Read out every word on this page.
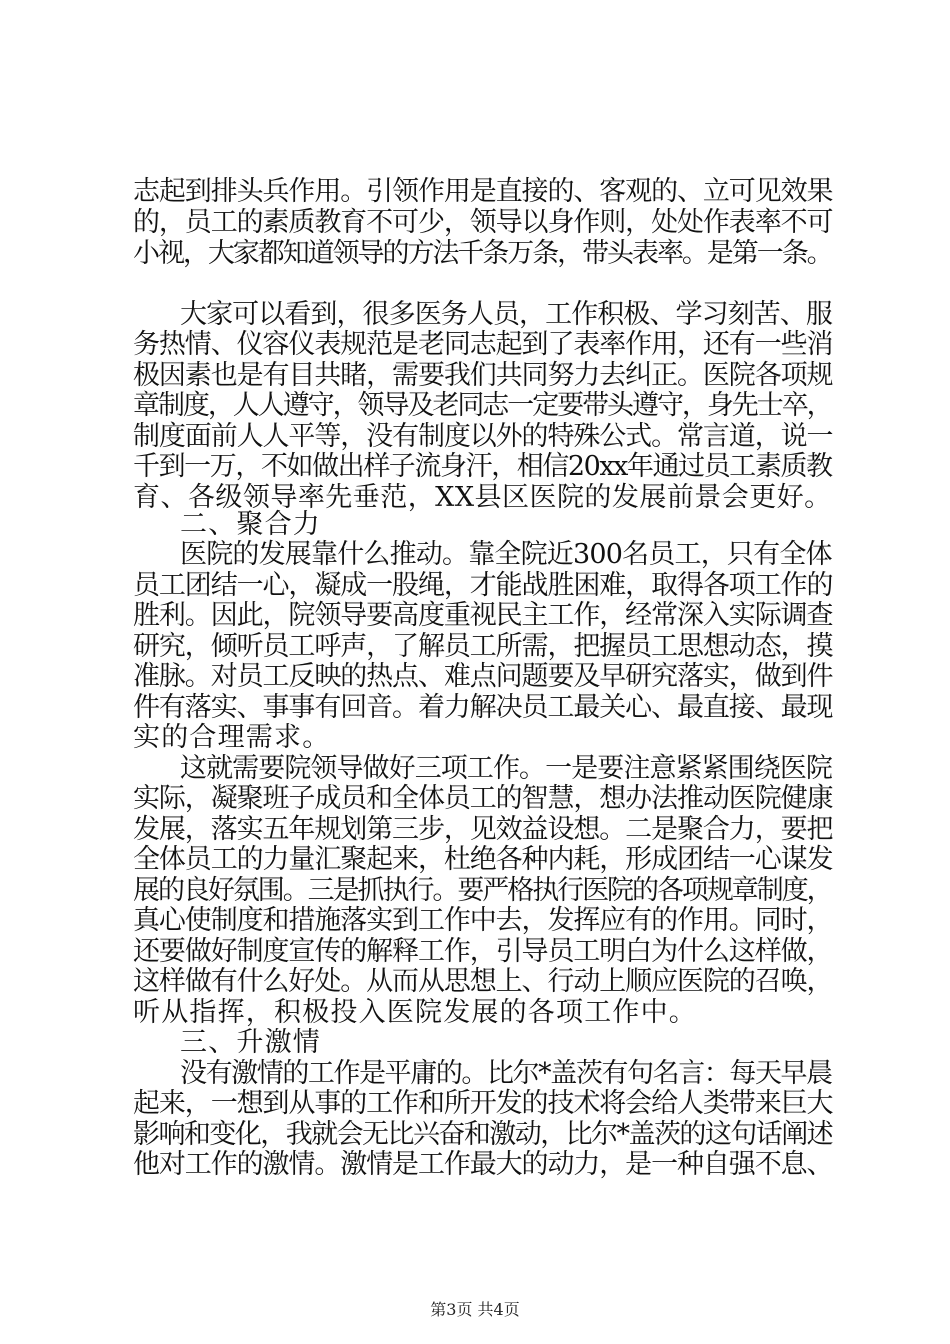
志起到排头兵作用。引领作用是直接的、客观的、立可见效果
的，员工的素质教育不可少，领导以身作则，处处作表率不可
小视，大家都知道领导的方法千条万条，带头表率。是第一条。
大家可以看到，很多医务人员，工作积极、学习刻苦、服
务热情、仪容仪表规范是老同志起到了表率作用，还有一些消
极因素也是有目共睹，需要我们共同努力去纠正。医院各项规
章制度，人人遵守，领导及老同志一定要带头遵守，身先士卒，
制度面前人人平等，没有制度以外的特殊公式。常言道，说一
千到一万，不如做出样子流身汗，相信20xx年通过员工素质教
育、各级领导率先垂范，XX县区医院的发展前景会更好。
二、聚合力
医院的发展靠什么推动。靠全院近300名员工，只有全体
员工团结一心，凝成一股绳，才能战胜困难，取得各项工作的
胜利。因此，院领导要高度重视民主工作，经常深入实际调查
研究，倾听员工呼声，了解员工所需，把握员工思想动态，摸
准脉。对员工反映的热点、难点问题要及早研究落实，做到件
件有落实、事事有回音。着力解决员工最关心、最直接、最现
实的合理需求。
这就需要院领导做好三项工作。一是要注意紧紧围绕医院
实际，凝聚班子成员和全体员工的智慧，想办法推动医院健康
发展，落实五年规划第三步，见效益设想。二是聚合力，要把
全体员工的力量汇聚起来，杜绝各种内耗，形成团结一心谋发
展的良好氛围。三是抓执行。要严格执行医院的各项规章制度，
真心使制度和措施落实到工作中去，发挥应有的作用。同时，
还要做好制度宣传的解释工作，引导员工明白为什么这样做，
这样做有什么好处。从而从思想上、行动上顺应医院的召唤，
听从指挥，积极投入医院发展的各项工作中。
三、升激情
没有激情的工作是平庸的。比尔*盖茨有句名言：每天早晨
起来，一想到从事的工作和所开发的技术将会给人类带来巨大
影响和变化，我就会无比兴奋和激动，比尔*盖茨的这句话阐述
他对工作的激情。激情是工作最大的动力，是一种自强不息、
第3页 共4页
